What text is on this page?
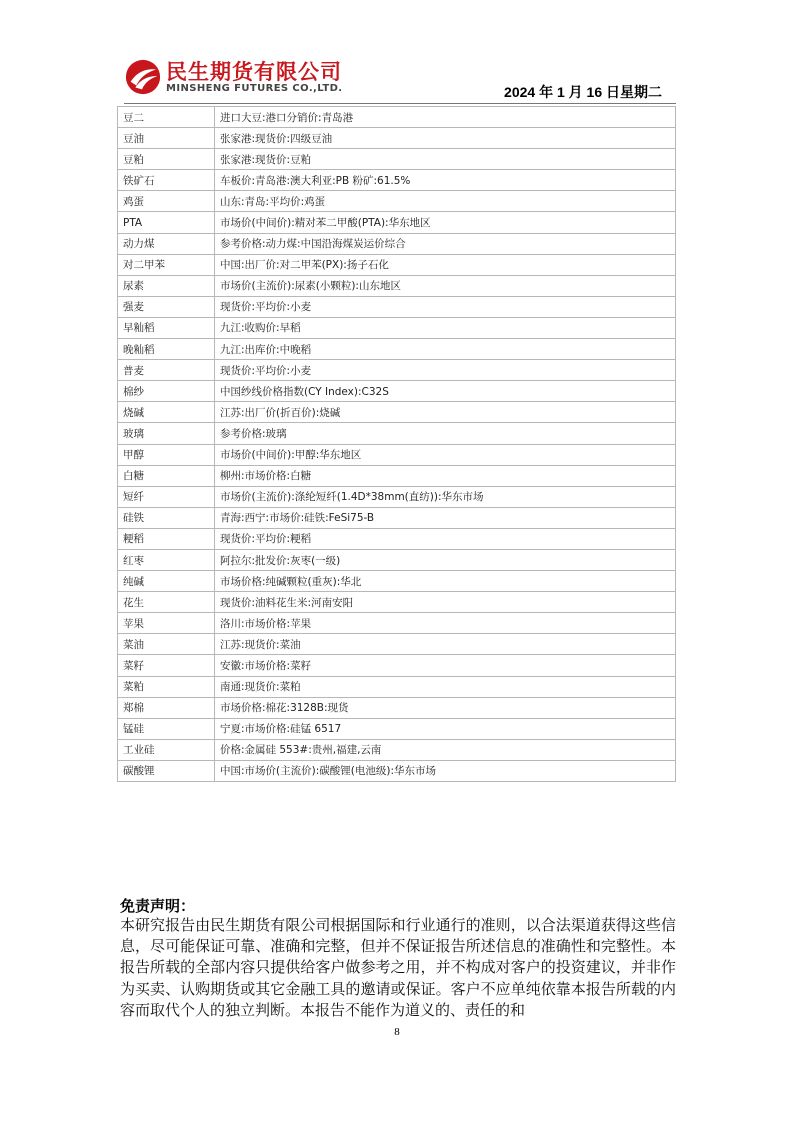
民生期货有限公司
MINSHENG FUTURES CO.,LTD.	2024 年 1 月 16 日星期二
豆二	进口大豆:港口分销价:青岛港
豆油	张家港:现货价:四级豆油
豆粕	张家港:现货价:豆粕
铁矿石	车板价:青岛港:澳大利亚:PB 粉矿:61.5%
鸡蛋	山东:青岛:平均价:鸡蛋
PTA	市场价(中间价):精对苯二甲酸(PTA):华东地区
动力煤	参考价格:动力煤:中国沿海煤炭运价综合
对二甲苯	中国:出厂价:对二甲苯(PX):扬子石化
尿素	市场价(主流价):尿素(小颗粒):山东地区
强麦	现货价:平均价:小麦
早籼稻	九江:收购价:早稻
晚籼稻	九江:出库价:中晚稻
普麦	现货价:平均价:小麦
棉纱	中国纱线价格指数(CY Index):C32S
烧碱	江苏:出厂价(折百价):烧碱
玻璃	参考价格:玻璃
甲醇	市场价(中间价):甲醇:华东地区
白糖	柳州:市场价格:白糖
短纤	市场价(主流价):涤纶短纤(1.4D*38mm(直纺)):华东市场
硅铁	青海:西宁:市场价:硅铁:FeSi75-B
粳稻	现货价:平均价:粳稻
红枣	阿拉尔:批发价:灰枣(一级)
纯碱	市场价格:纯碱颗粒(重灰):华北
花生	现货价:油料花生米:河南安阳
苹果	洛川:市场价格:苹果
菜油	江苏:现货价:菜油
菜籽	安徽:市场价格:菜籽
菜粕	南通:现货价:菜粕
郑棉	市场价格:棉花:3128B:现货
锰硅	宁夏:市场价格:硅锰 6517
工业硅	价格:金属硅 553#:贵州,福建,云南
碳酸锂	中国:市场价(主流价):碳酸锂(电池级):华东市场
免责声明：
本研究报告由民生期货有限公司根据国际和行业通行的准则，以合法渠道获得这些信息，尽可能保证可靠、准确和完整，但并不保证报告所述信息的准确性和完整性。本报告所载的全部内容只提供给客户做参考之用，并不构成对客户的投资建议，并非作为买卖、认购期货或其它金融工具的邀请或保证。客户不应单纯依靠本报告所载的内容而取代个人的独立判断。本报告不能作为道义的、责任的和
8
